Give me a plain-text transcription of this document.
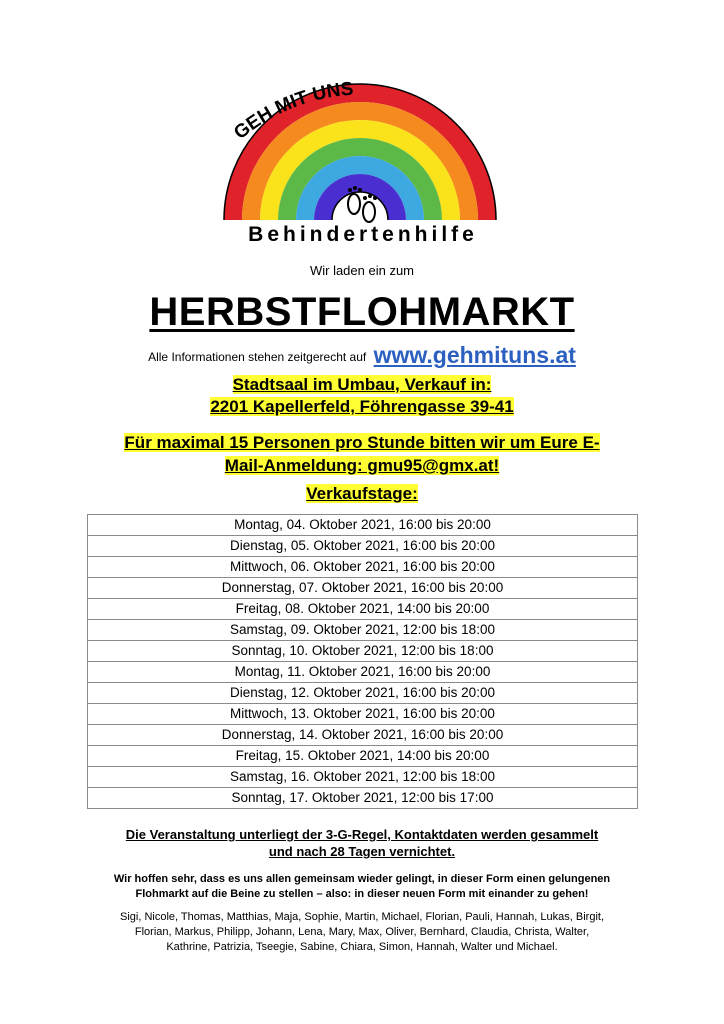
GEH MIT UNS
Behindertenhilfe
Wir laden ein zum
HERBSTFLOHMARKT
Alle Informationen stehen zeitgerecht auf www.gehmituns.at
Stadtsaal im Umbau, Verkauf in:
2201 Kapellerfeld, Föhrengasse 39-41
Für maximal 15 Personen pro Stunde bitten wir um Eure E-
Mail-Anmeldung: gmu95@gmx.at!
Verkaufstage:
Montag, 04. Oktober 2021, 16:00 bis 20:00
Dienstag, 05. Oktober 2021, 16:00 bis 20:00
Mittwoch, 06. Oktober 2021, 16:00 bis 20:00
Donnerstag, 07. Oktober 2021, 16:00 bis 20:00
Freitag, 08. Oktober 2021, 14:00 bis 20:00
Samstag, 09. Oktober 2021, 12:00 bis 18:00
Sonntag, 10. Oktober 2021, 12:00 bis 18:00
Montag, 11. Oktober 2021, 16:00 bis 20:00
Dienstag, 12. Oktober 2021, 16:00 bis 20:00
Mittwoch, 13. Oktober 2021, 16:00 bis 20:00
Donnerstag, 14. Oktober 2021, 16:00 bis 20:00
Freitag, 15. Oktober 2021, 14:00 bis 20:00
Samstag, 16. Oktober 2021, 12:00 bis 18:00
Sonntag, 17. Oktober 2021, 12:00 bis 17:00
Die Veranstaltung unterliegt der 3-G-Regel, Kontaktdaten werden gesammelt
und nach 28 Tagen vernichtet.
Wir hoffen sehr, dass es uns allen gemeinsam wieder gelingt, in dieser Form einen gelungenen
Flohmarkt auf die Beine zu stellen – also: in dieser neuen Form mit einander zu gehen!
Sigi, Nicole, Thomas, Matthias, Maja, Sophie, Martin, Michael, Florian, Pauli, Hannah, Lukas, Birgit,
Florian, Markus, Philipp, Johann, Lena, Mary, Max, Oliver, Bernhard, Claudia, Christa, Walter,
Kathrine, Patrizia, Tseegie, Sabine, Chiara, Simon, Hannah, Walter und Michael.
